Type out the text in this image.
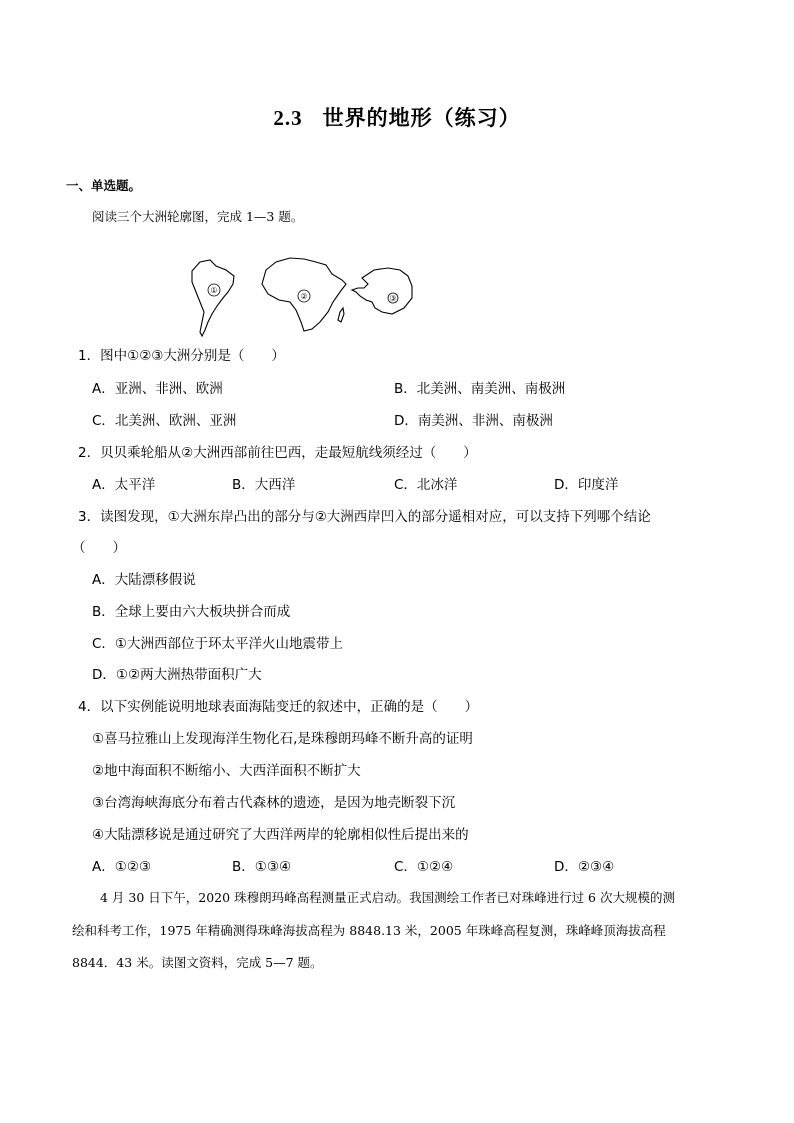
2.3 世界的地形（练习）
一、单选题。
阅读三个大洲轮廓图，完成 1—3 题。
①
②	③
1．图中①②③大洲分别是（　　）
A．亚洲、非洲、欧洲	B．北美洲、南美洲、南极洲
C．北美洲、欧洲、亚洲	D．南美洲、非洲、南极洲
2．贝贝乘轮船从②大洲西部前往巴西，走最短航线须经过（　　）
A．太平洋	B．大西洋	C．北冰洋	D．印度洋
3．读图发现，①大洲东岸凸出的部分与②大洲西岸凹入的部分遥相对应，可以支持下列哪个结论
（　　）
A．大陆漂移假说
B．全球上要由六大板块拼合而成
C．①大洲西部位于环太平洋火山地震带上
D．①②两大洲热带面积广大
4．以下实例能说明地球表面海陆变迁的叙述中，正确的是（　　）
①喜马拉雅山上发现海洋生物化石,是珠穆朗玛峰不断升高的证明
②地中海面积不断缩小、大西洋面积不断扩大
③台湾海峡海底分布着古代森林的遗迹，是因为地壳断裂下沉
④大陆漂移说是通过研究了大西洋两岸的轮廓相似性后提出来的
A．①②③	B．①③④	C．①②④	D．②③④
4 月 30 日下午，2020 珠穆朗玛峰高程测量正式启动。我国测绘工作者已对珠峰进行过 6 次大规模的测
绘和科考工作，1975 年精确测得珠峰海拔高程为 8848.13 米，2005 年珠峰高程复测，珠峰峰顶海拔高程
8844．43 米。读图文资料，完成 5—7 题。
